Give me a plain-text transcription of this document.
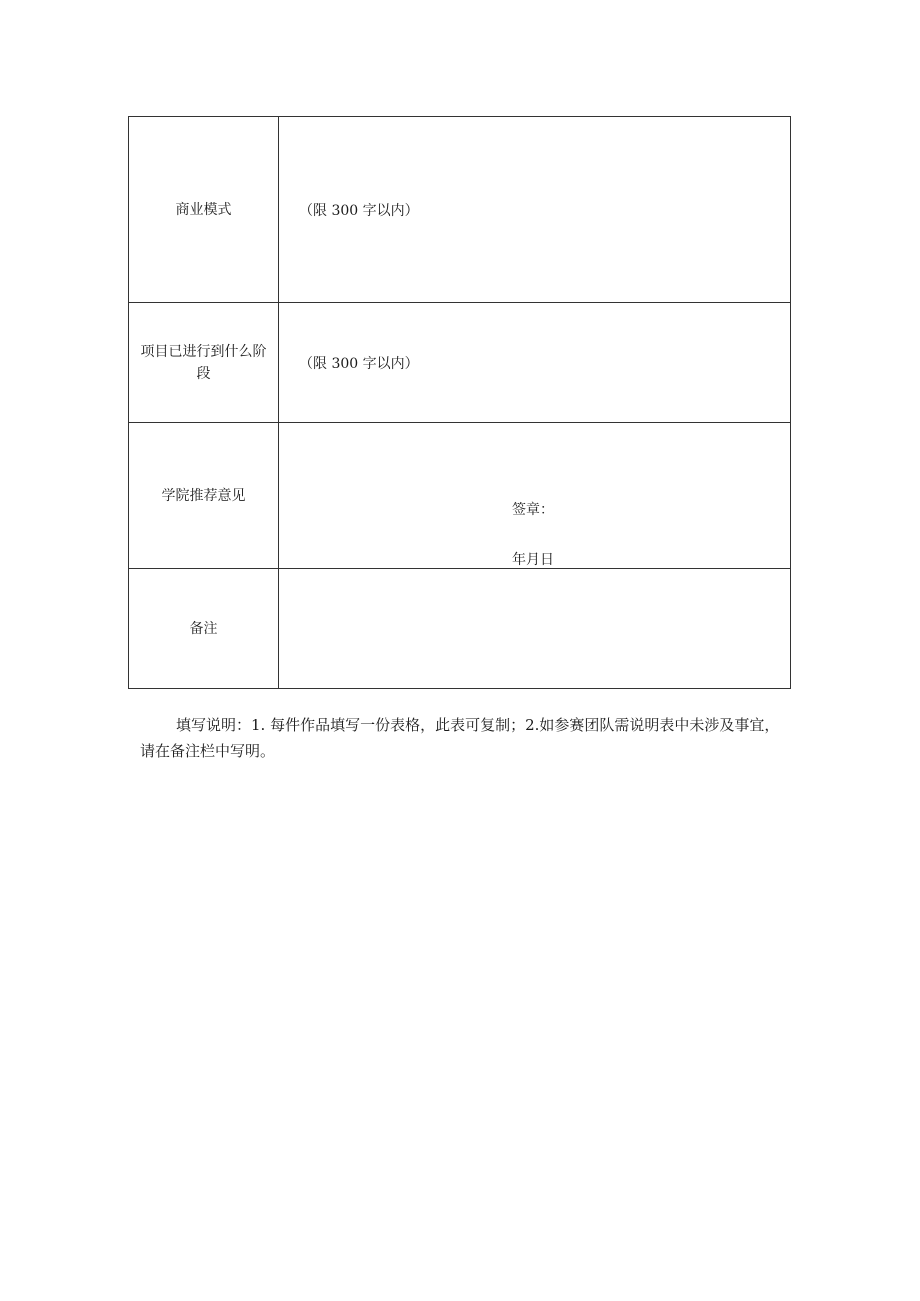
商业模式	（限 300 字以内）
项目已进行到什么阶段	（限 300 字以内）
学院推荐意见	签章：
年月日

备注	

填写说明：1. 每件作品填写一份表格，此表可复制；2.如参赛团队需说明表中未涉及事宜，请在备注栏中写明。
